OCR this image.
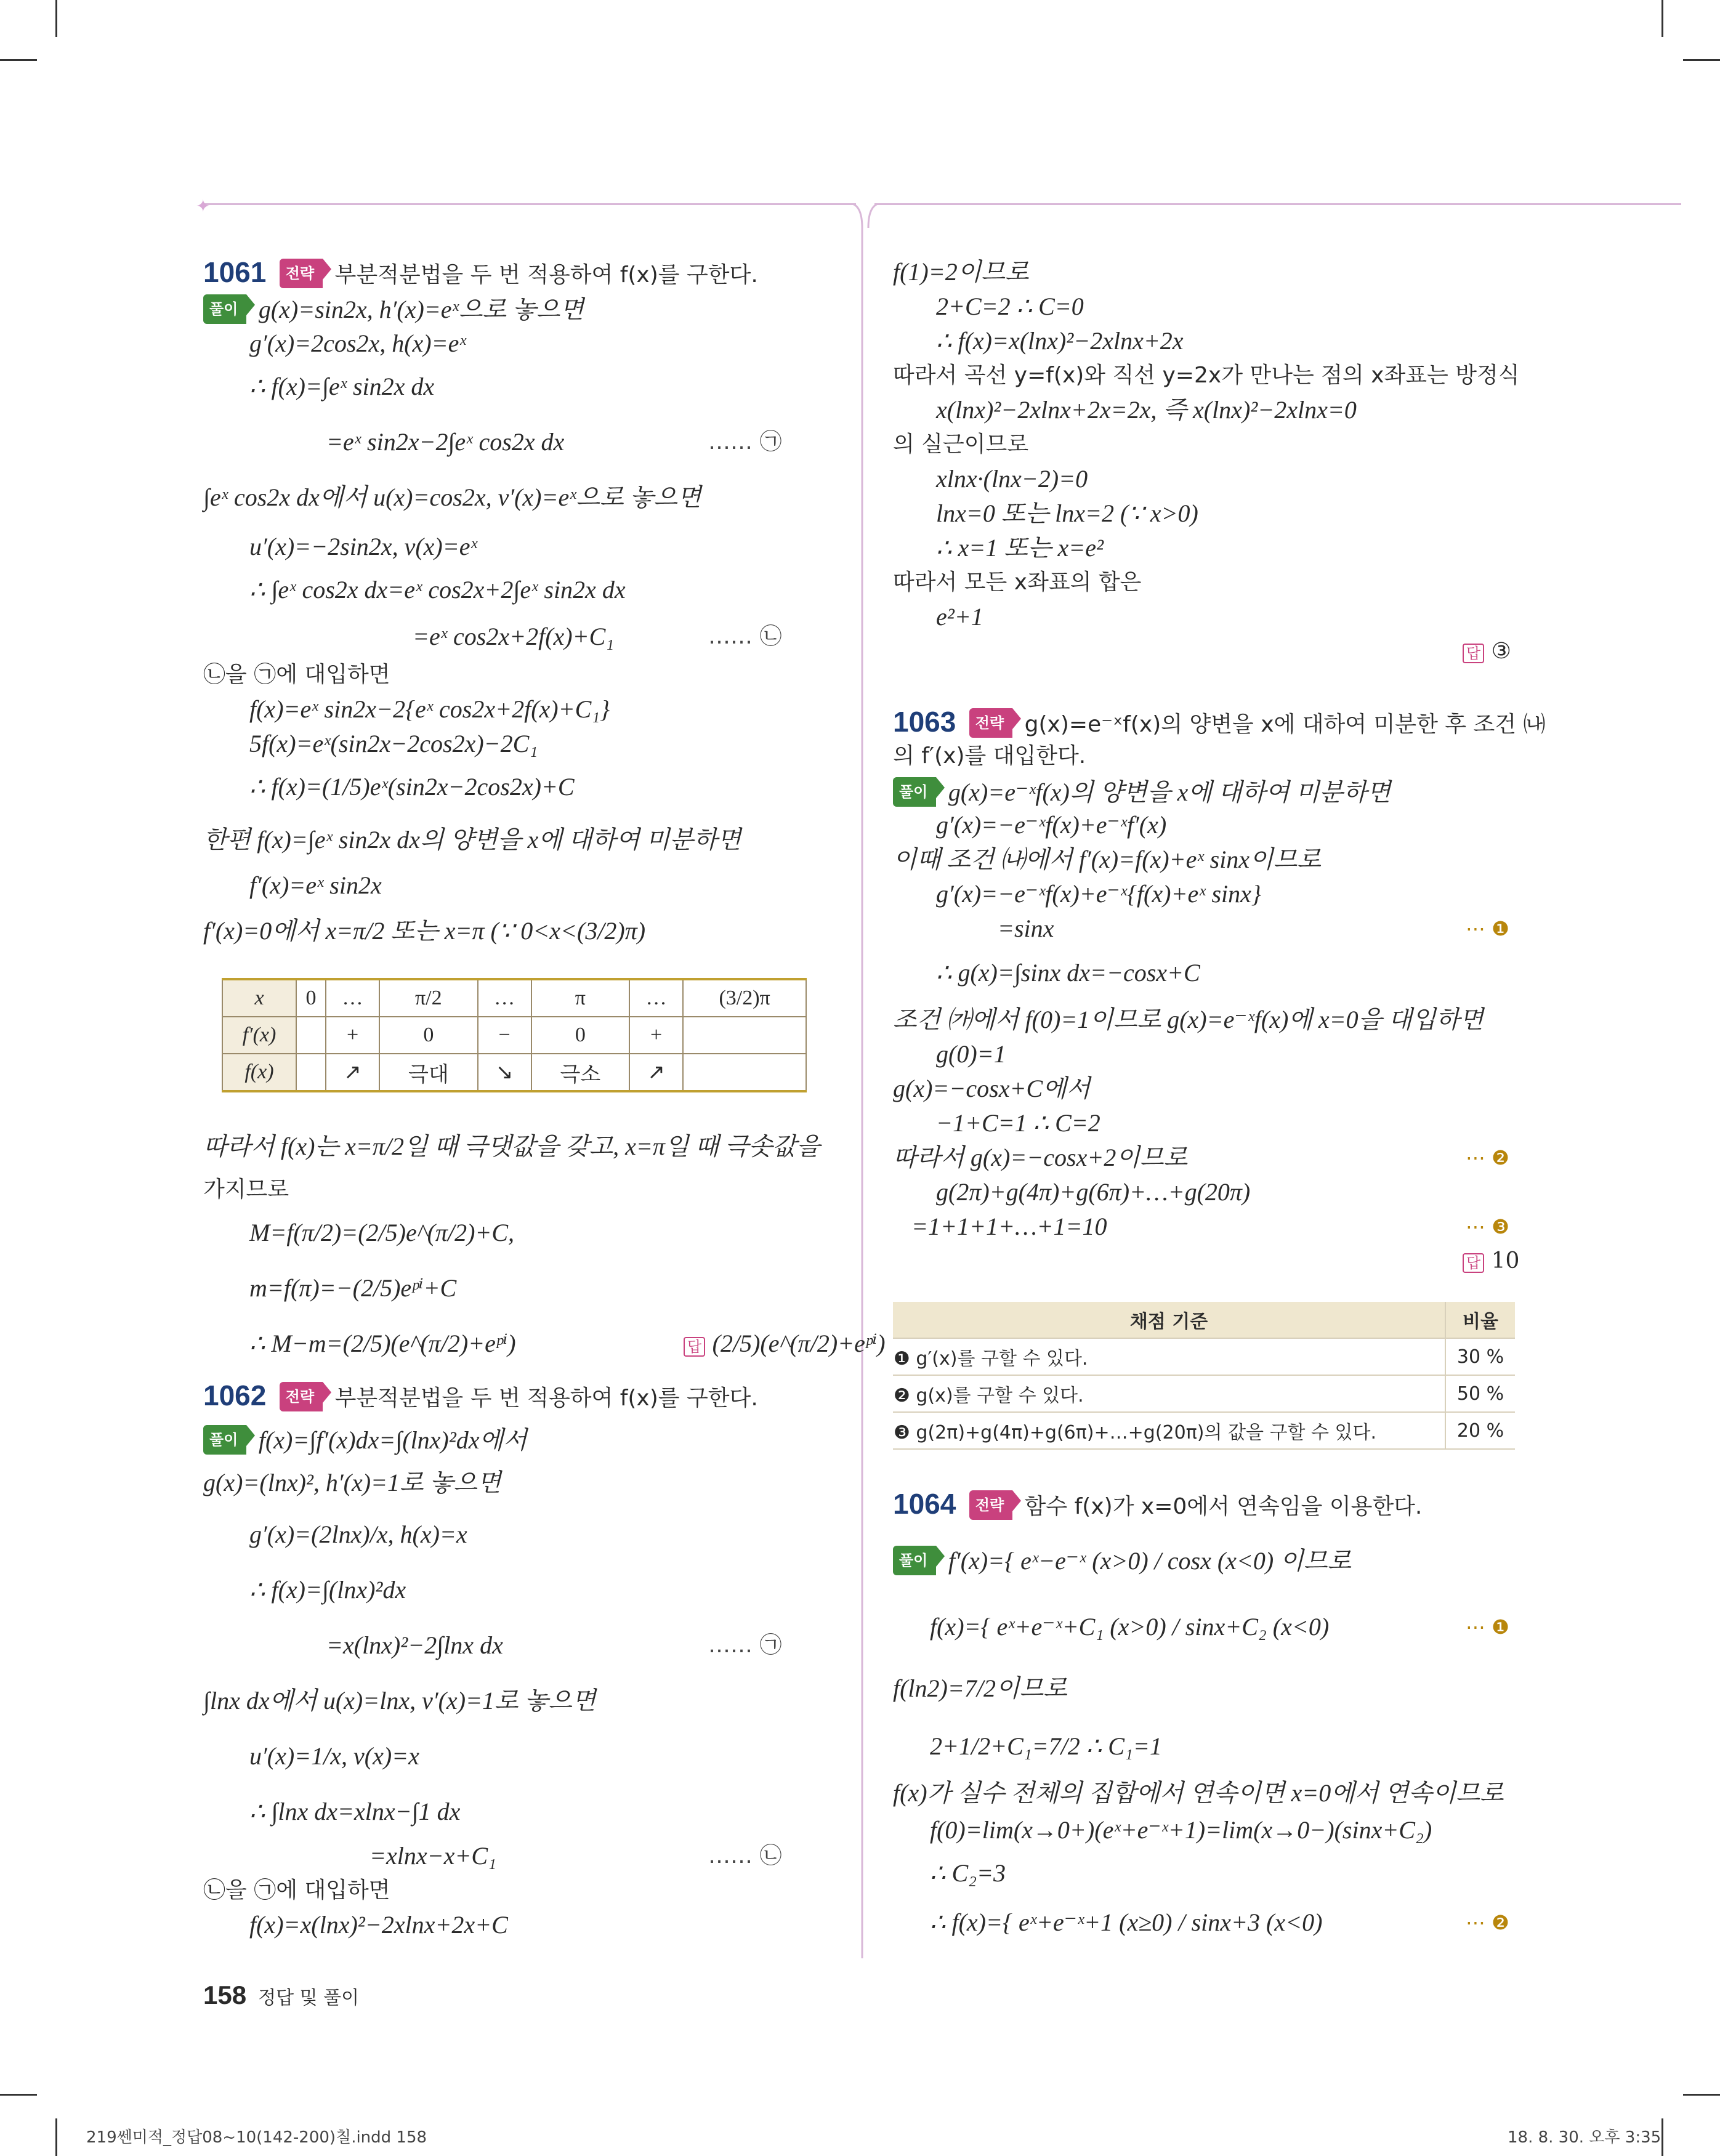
✦
1061 전략 부분적분법을 두 번 적용하여 f(x)를 구한다.
풀이 g(x)=sin2x, h′(x)=eˣ으로 놓으면
g′(x)=2cos2x, h(x)=eˣ
∴ f(x)=∫eˣ sin2x dx
=eˣ sin2x−2∫eˣ cos2x dx	…… ㉠
∫eˣ cos2x dx에서 u(x)=cos2x, v′(x)=eˣ으로 놓으면
u′(x)=−2sin2x, v(x)=eˣ
∴ ∫eˣ cos2x dx=eˣ cos2x+2∫eˣ sin2x dx
=eˣ cos2x+2f(x)+C₁	…… ㉡
㉡을 ㉠에 대입하면
f(x)=eˣ sin2x−2{eˣ cos2x+2f(x)+C₁}
5f(x)=eˣ(sin2x−2cos2x)−2C₁
∴ f(x)=(1/5)eˣ(sin2x−2cos2x)+C
한편 f(x)=∫eˣ sin2x dx의 양변을 x에 대하여 미분하면
f′(x)=eˣ sin2x
f′(x)=0에서 x=π/2 또는 x=π (∵ 0<x<(3/2)π)
x	0	…	π/2	…	π	…	(3/2)π
f′(x)		+	0	−	0	+	
f(x)		↗	극대	↘	극소	↗	
따라서 f(x)는 x=π/2일 때 극댓값을 갖고, x=π일 때 극솟값을
가지므로
M=f(π/2)=(2/5)e^(π/2)+C,
m=f(π)=−(2/5)eᵖⁱ+C
∴ M−m=(2/5)(e^(π/2)+eᵖⁱ)	답 (2/5)(e^(π/2)+eᵖⁱ)
1062 전략 부분적분법을 두 번 적용하여 f(x)를 구한다.
풀이 f(x)=∫f′(x)dx=∫(lnx)²dx에서
g(x)=(lnx)², h′(x)=1로 놓으면
g′(x)=(2lnx)/x, h(x)=x
∴ f(x)=∫(lnx)²dx
=x(lnx)²−2∫lnx dx	…… ㉠
∫lnx dx에서 u(x)=lnx, v′(x)=1로 놓으면
u′(x)=1/x, v(x)=x
∴ ∫lnx dx=xlnx−∫1 dx
=xlnx−x+C₁	…… ㉡
㉡을 ㉠에 대입하면
f(x)=x(lnx)²−2xlnx+2x+C
f(1)=2이므로
2+C=2 ∴ C=0
∴ f(x)=x(lnx)²−2xlnx+2x
따라서 곡선 y=f(x)와 직선 y=2x가 만나는 점의 x좌표는 방정식
x(lnx)²−2xlnx+2x=2x, 즉 x(lnx)²−2xlnx=0
의 실근이므로
xlnx·(lnx−2)=0
lnx=0 또는 lnx=2 (∵ x>0)
∴ x=1 또는 x=e²
따라서 모든 x좌표의 합은
e²+1
답 ③
1063 전략 g(x)=e⁻ˣf(x)의 양변을 x에 대하여 미분한 후 조건 ㈏
의 f′(x)를 대입한다.
풀이 g(x)=e⁻ˣf(x)의 양변을 x에 대하여 미분하면
g′(x)=−e⁻ˣf(x)+e⁻ˣf′(x)
이때 조건 ㈏에서 f′(x)=f(x)+eˣ sinx이므로
g′(x)=−e⁻ˣf(x)+e⁻ˣ{f(x)+eˣ sinx}
=sinx	⋯ ❶
∴ g(x)=∫sinx dx=−cosx+C
조건 ㈎에서 f(0)=1이므로 g(x)=e⁻ˣf(x)에 x=0을 대입하면
g(0)=1
g(x)=−cosx+C에서
−1+C=1 ∴ C=2
따라서 g(x)=−cosx+2이므로	⋯ ❷
g(2π)+g(4π)+g(6π)+…+g(20π)
=1+1+1+…+1=10	⋯ ❸
답 10
채점 기준	비율
❶ g′(x)를 구할 수 있다.	30 %
❷ g(x)를 구할 수 있다.	50 %
❸ g(2π)+g(4π)+g(6π)+…+g(20π)의 값을 구할 수 있다.	20 %
1064 전략 함수 f(x)가 x=0에서 연속임을 이용한다.
풀이 f′(x)={ eˣ−e⁻ˣ (x>0) / cosx (x<0) 이므로
f(x)={ eˣ+e⁻ˣ+C₁ (x>0) / sinx+C₂ (x<0)	⋯ ❶
f(ln2)=7/2이므로
2+1/2+C₁=7/2 ∴ C₁=1
f(x)가 실수 전체의 집합에서 연속이면 x=0에서 연속이므로
f(0)=lim(x→0+)(eˣ+e⁻ˣ+1)=lim(x→0−)(sinx+C₂)
∴ C₂=3
∴ f(x)={ eˣ+e⁻ˣ+1 (x≥0) / sinx+3 (x<0)	⋯ ❷
158 정답 및 풀이
219쎈미적_정답08~10(142-200)칠.indd 158	18. 8. 30. 오후 3:35
